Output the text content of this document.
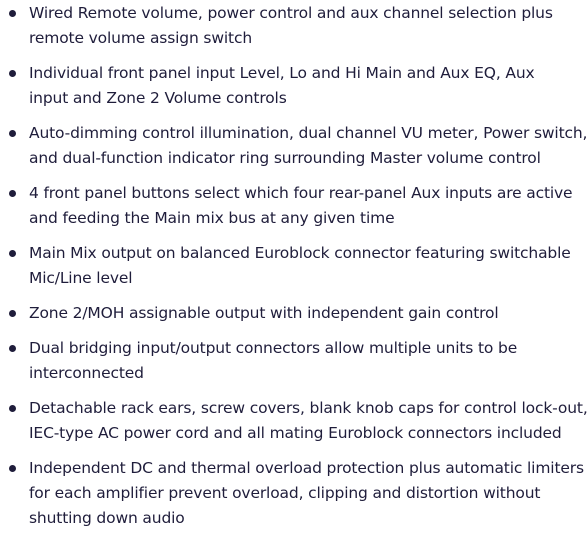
Wired Remote volume, power control and aux channel selection plus
remote volume assign switch
Individual front panel input Level, Lo and Hi Main and Aux EQ, Aux
input and Zone 2 Volume controls
Auto-dimming control illumination, dual channel VU meter, Power switch,
and dual-function indicator ring surrounding Master volume control
4 front panel buttons select which four rear-panel Aux inputs are active
and feeding the Main mix bus at any given time
Main Mix output on balanced Euroblock connector featuring switchable
Mic/Line level
Zone 2/MOH assignable output with independent gain control
Dual bridging input/output connectors allow multiple units to be
interconnected
Detachable rack ears, screw covers, blank knob caps for control lock-out,
IEC-type AC power cord and all mating Euroblock connectors included
Independent DC and thermal overload protection plus automatic limiters
for each amplifier prevent overload, clipping and distortion without
shutting down audio
